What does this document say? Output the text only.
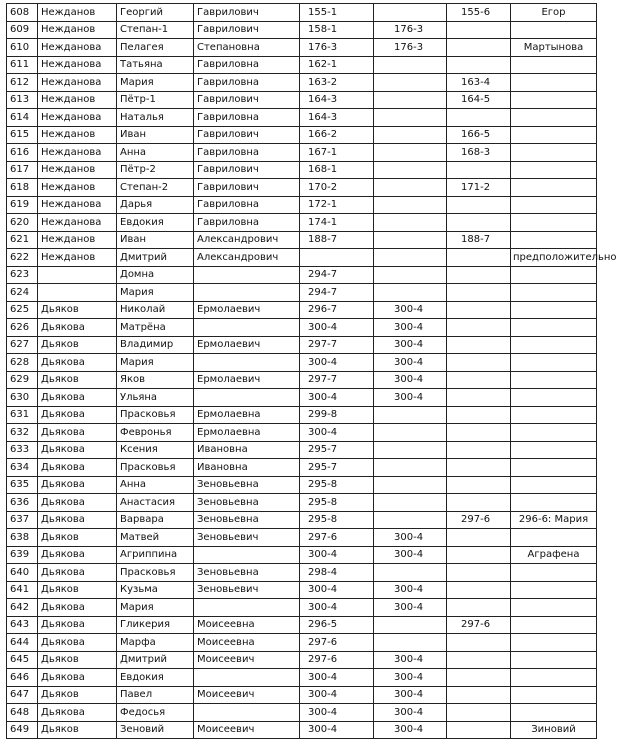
608	Нежданов	Георгий	Гаврилович	155-1		155-6	Егор
609	Нежданов	Степан-1	Гаврилович	158-1	176-3		
610	Нежданова	Пелагея	Степановна	176-3	176-3		Мартынова
611	Нежданова	Татьяна	Гавриловна	162-1			
612	Нежданова	Мария	Гавриловна	163-2		163-4	
613	Нежданов	Пётр-1	Гаврилович	164-3		164-5	
614	Нежданова	Наталья	Гавриловна	164-3			
615	Нежданов	Иван	Гаврилович	166-2		166-5	
616	Нежданова	Анна	Гавриловна	167-1		168-3	
617	Нежданов	Пётр-2	Гаврилович	168-1			
618	Нежданов	Степан-2	Гаврилович	170-2		171-2	
619	Нежданова	Дарья	Гавриловна	172-1			
620	Нежданова	Евдокия	Гавриловна	174-1			
621	Нежданов	Иван	Александрович	188-7		188-7	
622	Нежданов	Дмитрий	Александрович				предположительно
623		Домна		294-7			
624		Мария		294-7			
625	Дьяков	Николай	Ермолаевич	296-7	300-4		
626	Дьякова	Матрёна		300-4	300-4		
627	Дьяков	Владимир	Ермолаевич	297-7	300-4		
628	Дьякова	Мария		300-4	300-4		
629	Дьяков	Яков	Ермолаевич	297-7	300-4		
630	Дьякова	Ульяна		300-4	300-4		
631	Дьякова	Прасковья	Ермолаевна	299-8			
632	Дьякова	Февронья	Ермолаевна	300-4			
633	Дьякова	Ксения	Ивановна	295-7			
634	Дьякова	Прасковья	Ивановна	295-7			
635	Дьякова	Анна	Зеновьевна	295-8			
636	Дьякова	Анастасия	Зеновьевна	295-8			
637	Дьякова	Варвара	Зеновьевна	295-8		297-6	296-6: Мария
638	Дьяков	Матвей	Зеновьевич	297-6	300-4		
639	Дьякова	Агриппина		300-4	300-4		Аграфена
640	Дьякова	Прасковья	Зеновьевна	298-4			
641	Дьяков	Кузьма	Зеновьевич	300-4	300-4		
642	Дьякова	Мария		300-4	300-4		
643	Дьякова	Гликерия	Моисеевна	296-5		297-6	
644	Дьякова	Марфа	Моисеевна	297-6			
645	Дьяков	Дмитрий	Моисеевич	297-6	300-4		
646	Дьякова	Евдокия		300-4	300-4		
647	Дьяков	Павел	Моисеевич	300-4	300-4		
648	Дьякова	Федосья		300-4	300-4		
649	Дьяков	Зеновий	Моисеевич	300-4	300-4		Зиновий
